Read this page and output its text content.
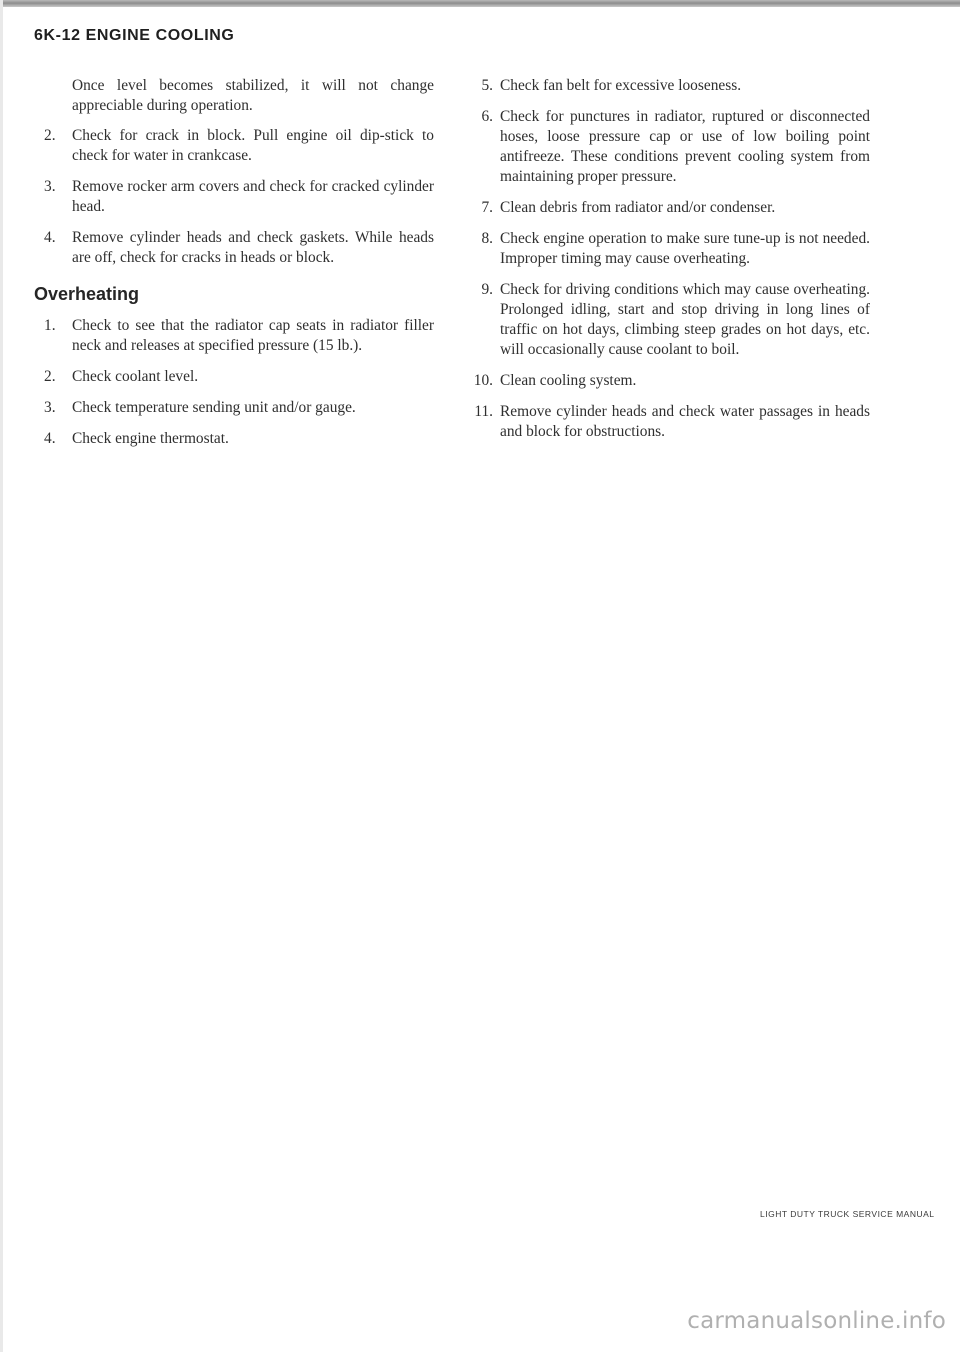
6K-12 ENGINE COOLING

Once level becomes stabilized, it will not change appreciable during operation.

2.	Check for crack in block. Pull engine oil dip-stick to check for water in crankcase.
3.	Remove rocker arm covers and check for cracked cylinder head.
4.	Remove cylinder heads and check gaskets. While heads are off, check for cracks in heads or block.
Overheating
1.	Check to see that the radiator cap seats in radiator filler neck and releases at specified pressure (15 lb.).
2.	Check coolant level.
3.	Check temperature sending unit and/or gauge.
4.	Check engine thermostat.
5. Check fan belt for excessive looseness.
6. Check for punctures in radiator, ruptured or disconnected hoses, loose pressure cap or use of low boiling point antifreeze. These conditions prevent cooling system from maintaining proper pressure.
7. Clean debris from radiator and/or condenser.
8. Check engine operation to make sure tune-up is not needed. Improper timing may cause overheating.
9. Check for driving conditions which may cause overheating. Prolonged idling, start and stop driving in long lines of traffic on hot days, climbing steep grades on hot days, etc. will occasionally cause coolant to boil.
10. Clean cooling system.
11. Remove cylinder heads and check water passages in heads and block for obstructions.
LIGHT DUTY TRUCK SERVICE MANUAL
carmanualsonline.info
